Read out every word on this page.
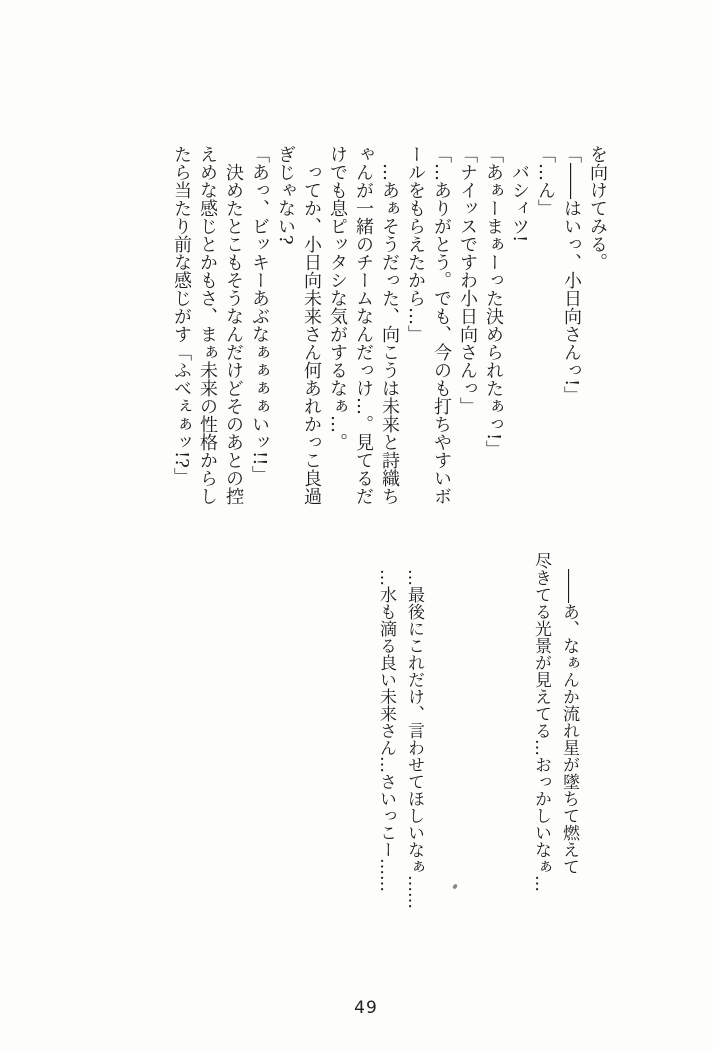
を向けてみる。

「――はいっ、小日向さんっ!」

「…ん」

バシィツ!

「あぁーまぁーった決められたぁっ!」

「ナイッスですわ小日向さんっ」

「…ありがとう。でも、今のも打ちやすいボ

ールをもらえたから…」

…あぁそうだった、向こうは未来と詩織ち

ゃんが一緒のチームなんだっけ…。見てるだ

けでも息ピッタシな気がするなぁ…。

ってか、小日向未来さん何あれかっこ良過

ぎじゃない?

「あっ、ビッキーあぶなぁぁぁぁいッ!!」

決めたとこもそうなんだけどそのあとの控

えめな感じとかもさ、まぁ未来の性格からし

たら当たり前な感じがす「ふべぇぁッ!?」

――あ、なぁんか流れ星が墜ちて燃えて

尽きてる光景が見えてる…おっかしいなぁ…

…最後にこれだけ、言わせてほしいなぁ……

…水も滴る良い未来さん…さいっこー……

49
